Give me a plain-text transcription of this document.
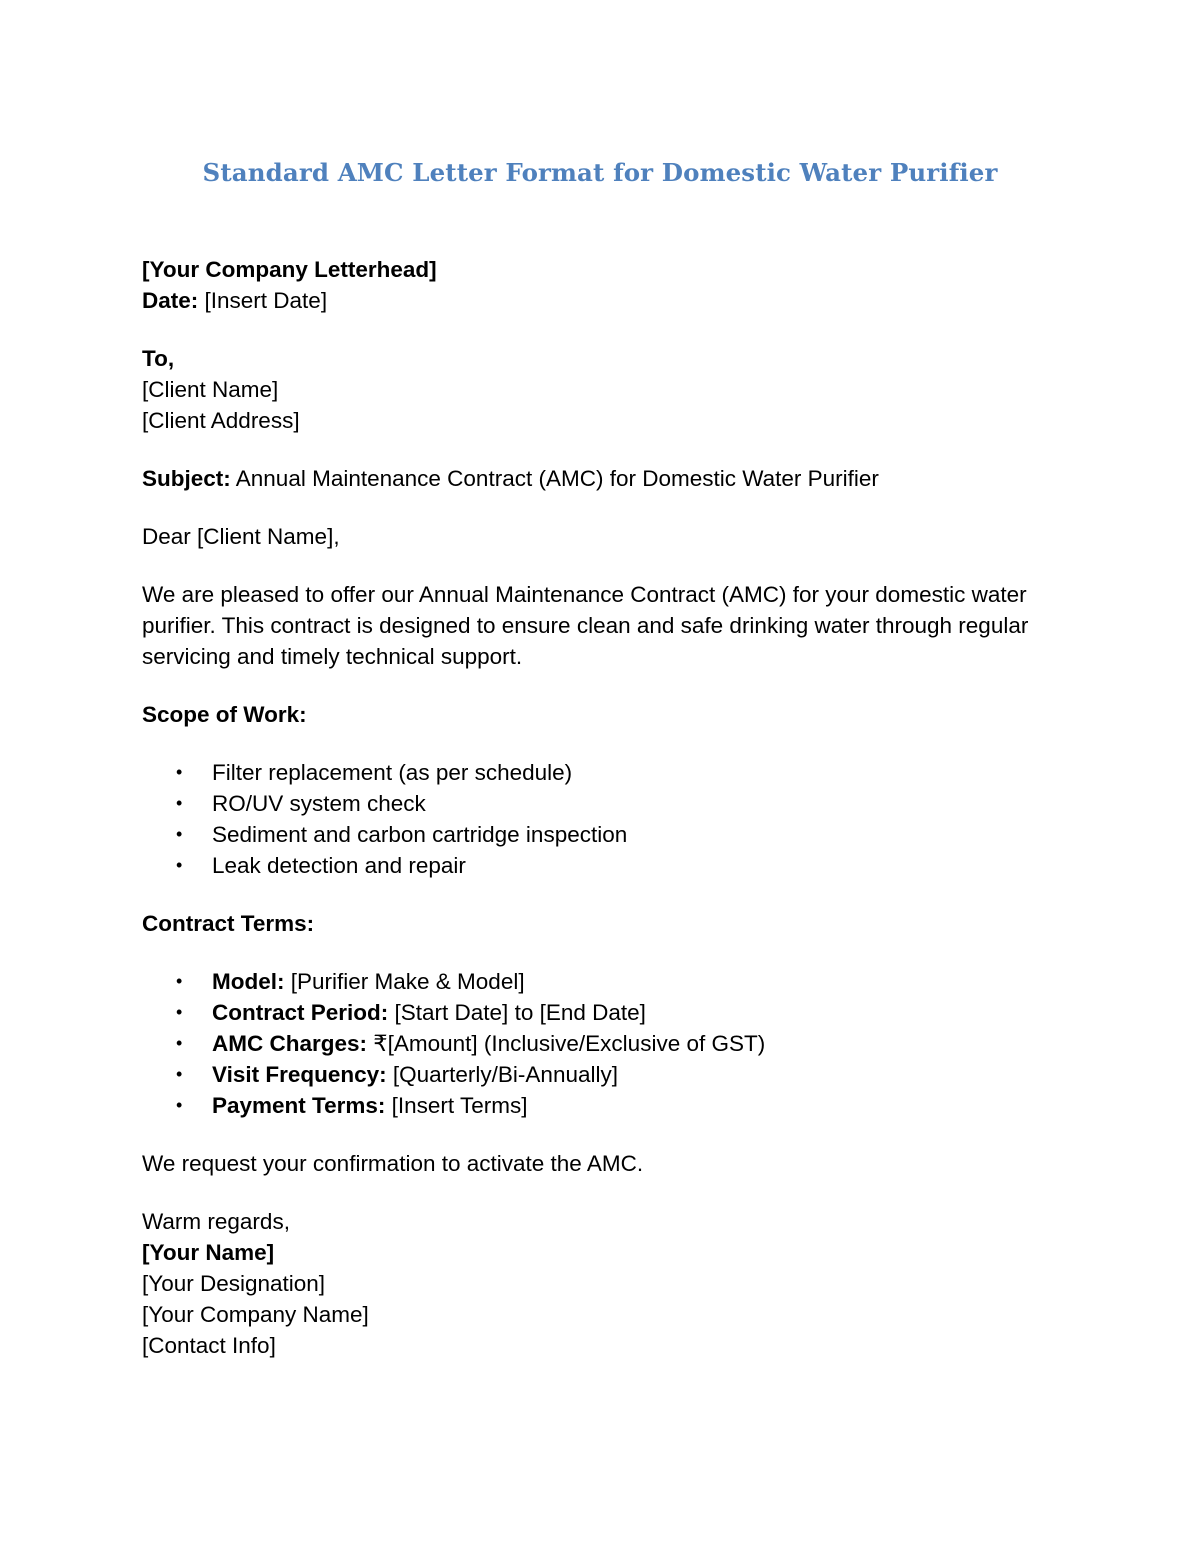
Standard AMC Letter Format for Domestic Water Purifier

[Your Company Letterhead]

Date: [Insert Date]

To,

[Client Name]

[Client Address]

Subject: Annual Maintenance Contract (AMC) for Domestic Water Purifier

Dear [Client Name],

We are pleased to offer our Annual Maintenance Contract (AMC) for your domestic water purifier. This contract is designed to ensure clean and safe drinking water through regular servicing and timely technical support.

Scope of Work:

• Filter replacement (as per schedule)
• RO/UV system check
• Sediment and carbon cartridge inspection
• Leak detection and repair

Contract Terms:

• Model: [Purifier Make & Model]
• Contract Period: [Start Date] to [End Date]
• AMC Charges: ₹[Amount] (Inclusive/Exclusive of GST)
• Visit Frequency: [Quarterly/Bi-Annually]
• Payment Terms: [Insert Terms]

We request your confirmation to activate the AMC.

Warm regards,

[Your Name]

[Your Designation]

[Your Company Name]

[Contact Info]
